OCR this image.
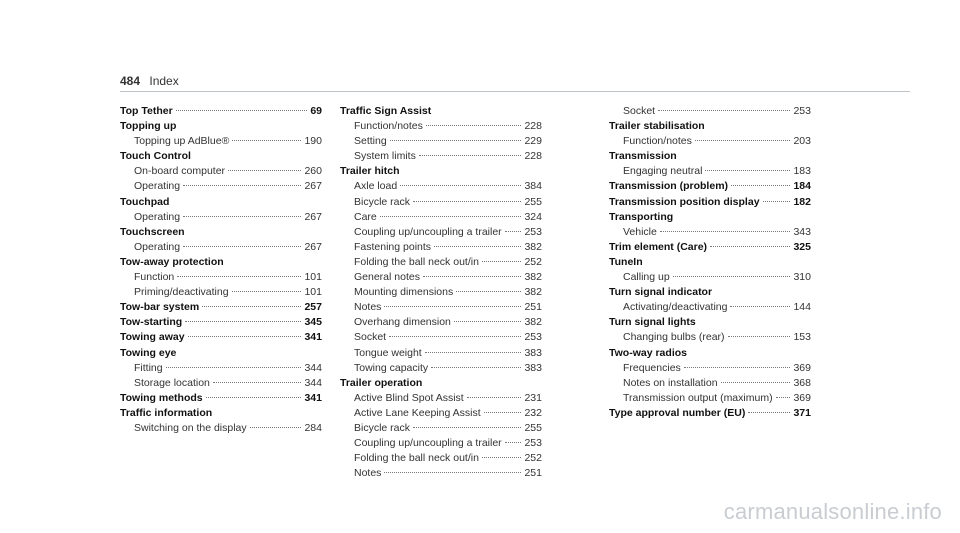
484 Index
Top Tether	69
Topping up
Topping up AdBlue®	190
Touch Control
On-board computer	260
Operating	267
Touchpad
Operating	267
Touchscreen
Operating	267
Tow-away protection
Function	101
Priming/deactivating	101
Tow-bar system	257
Tow-starting	345
Towing away	341
Towing eye
Fitting	344
Storage location	344
Towing methods	341
Traffic information
Switching on the display	284
Traffic Sign Assist
Function/notes	228
Setting	229
System limits	228
Trailer hitch
Axle load	384
Bicycle rack	255
Care	324
Coupling up/uncoupling a trailer 253
Fastening points	382
Folding the ball neck out/in	252
General notes	382
Mounting dimensions	382
Notes	251
Overhang dimension	382
Socket	253
Tongue weight	383
Towing capacity	383
Trailer operation
Active Blind Spot Assist	231
Active Lane Keeping Assist	232
Bicycle rack	255
Coupling up/uncoupling a trailer 253
Folding the ball neck out/in	252
Notes	251
Socket	253
Trailer stabilisation
Function/notes	203
Transmission
Engaging neutral	183
Transmission (problem)	184
Transmission position display	182
Transporting
Vehicle	343
Trim element (Care)	325
TuneIn
Calling up	310
Turn signal indicator
Activating/deactivating	144
Turn signal lights
Changing bulbs (rear)	153
Two-way radios
Frequencies	369
Notes on installation	368
Transmission output (maximum) 369
Type approval number (EU)	371
carmanualsonline.info
